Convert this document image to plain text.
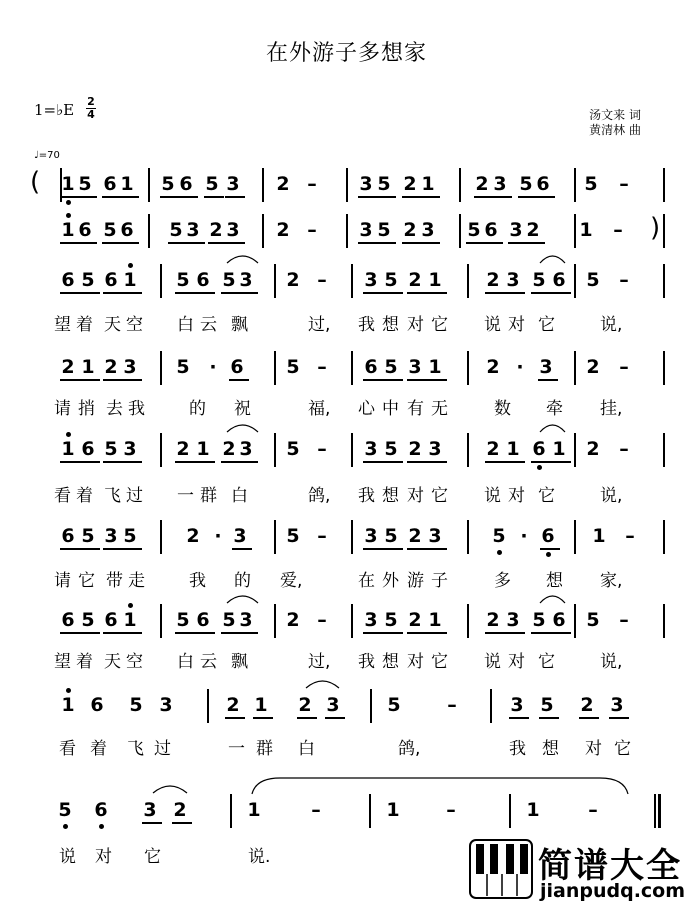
在外游子多想家
汤文来 词
黄清林 曲
1=♭E 2
4
♩=70
( 1 5 6 1 5 6 5 3 2 – 3 5 2 1 2 3 5 6 5 –
)
1 6 5 6 5 3 2 3 2 – 3 5 2 3 5 6 3 2 1 –
6 5 6 1 5 6 5 3 2 – 3 5 2 1 2 3 5 6 5 –
望 着 天 空 白 云 飘	过, 我 想 对 它 说 对 它	说,
2 1 2 3 5 · 6 5 – 6 5 3 1 2 · 3 2 –
请 捎 去 我	的 祝	福, 心 中 有 无	数 牵 挂,
1 6 5 3 2 1 2 3 5 – 3 5 2 3 2 1 6 1 2 –
看 着 飞 过 一 群 白	鸽, 我 想 对 它 说 对 它	说,
6 5 3 5	2 · 3 5 – 3 5 2 3	5 · 6 1 –
请 它 带 走	我 的 爱,	在 外 游 子	多 想 家,
6 5 6 1 5 6 5 3 2 – 3 5 2 1 2 3 5 6 5 –
望 着 天 空 白 云 飘	过, 我 想 对 它 说 对 它	说,
1 6 5 3	2 1 2 3	5 –	3 5 2 3
看 着 飞 过	一 群 白	鸽,	我 想 对 它
5 6 3 2	1	–	1 –	1	–
说 对 它	说.	简谱大全
jianpudq.com
